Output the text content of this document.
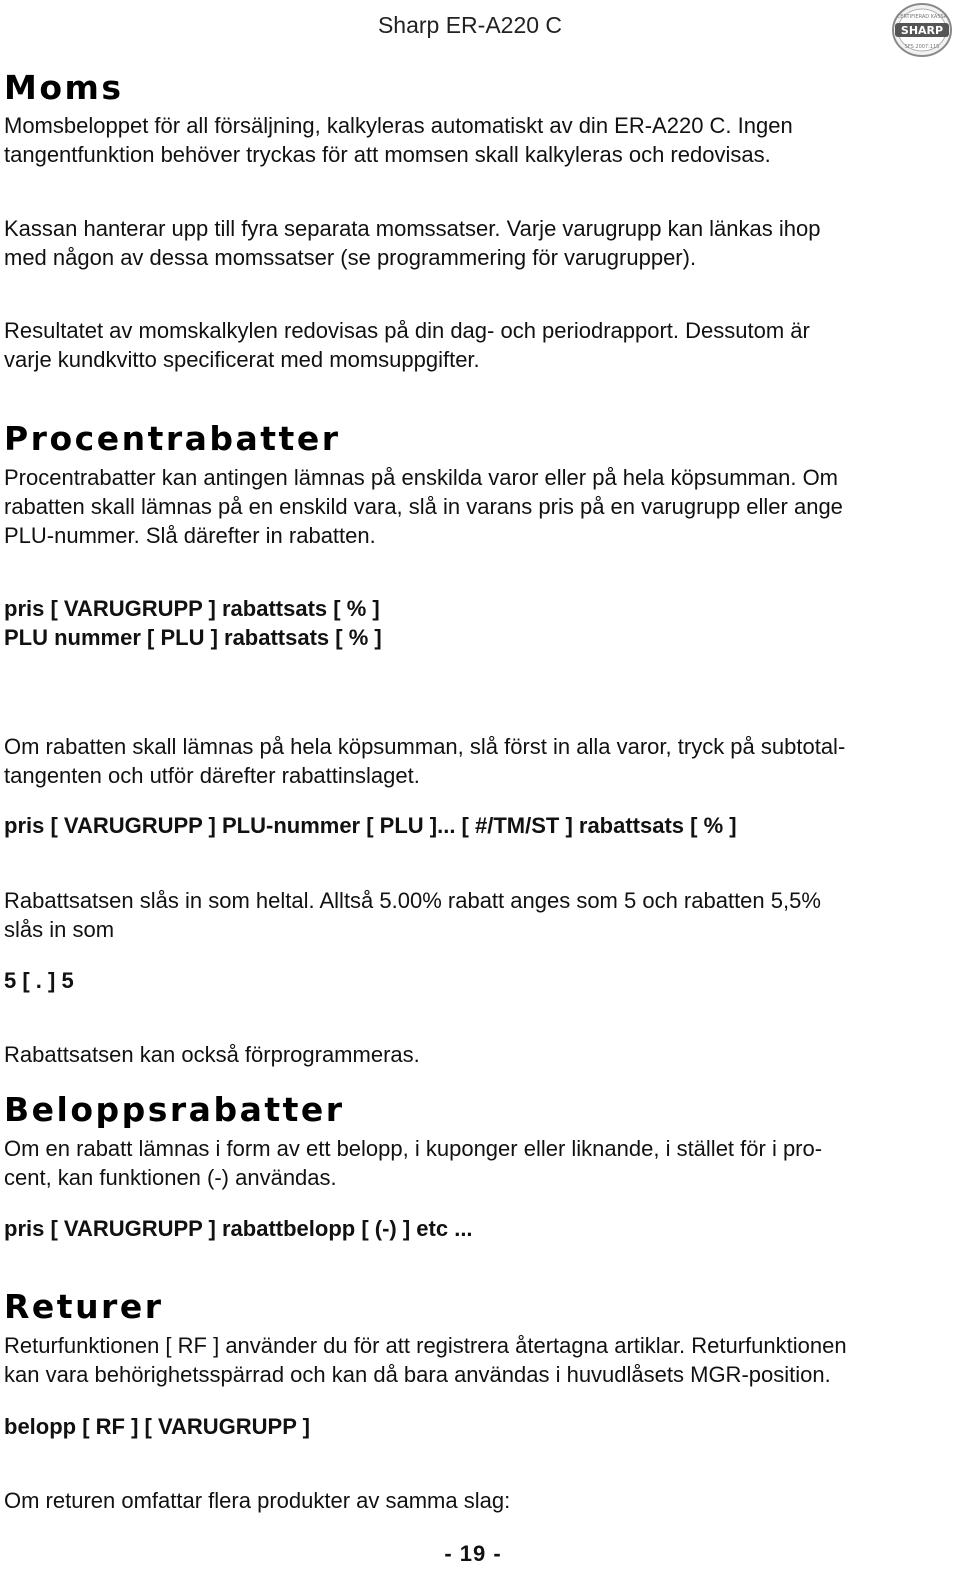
Sharp ER-A220 C	SHARP
CERTIFIERAD KASSA
SFS 2007:115
Moms

Momsbeloppet för all försäljning, kalkyleras automatiskt av din ER-A220 C. Ingen
tangentfunktion behöver tryckas för att momsen skall kalkyleras och redovisas.

Kassan hanterar upp till fyra separata momssatser. Varje varugrupp kan länkas ihop
med någon av dessa momssatser (se programmering för varugrupper).

Resultatet av momskalkylen redovisas på din dag- och periodrapport. Dessutom är
varje kundkvitto specificerat med momsuppgifter.

Procentrabatter

Procentrabatter kan antingen lämnas på enskilda varor eller på hela köpsumman. Om
rabatten skall lämnas på en enskild vara, slå in varans pris på en varugrupp eller ange
PLU-nummer. Slå därefter in rabatten.

pris [ VARUGRUPP ] rabattsats [ % ]
PLU nummer [ PLU ] rabattsats [ % ]

Om rabatten skall lämnas på hela köpsumman, slå först in alla varor, tryck på subtotal-
tangenten och utför därefter rabattinslaget.

pris [ VARUGRUPP ] PLU-nummer [ PLU ]... [ #/TM/ST ] rabattsats [ % ]

Rabattsatsen slås in som heltal. Alltså 5.00% rabatt anges som 5 och rabatten 5,5%
slås in som

5 [ . ] 5

Rabattsatsen kan också förprogrammeras.

Beloppsrabatter

Om en rabatt lämnas i form av ett belopp, i kuponger eller liknande, i stället för i pro-
cent, kan funktionen (-) användas.

pris [ VARUGRUPP ] rabattbelopp [ (-) ] etc ...

Returer

Returfunktionen [ RF ] använder du för att registrera återtagna artiklar. Returfunktionen
kan vara behörighetsspärrad och kan då bara användas i huvudlåsets MGR-position.

belopp [ RF ] [ VARUGRUPP ]

Om returen omfattar flera produkter av samma slag:

- 19 -
